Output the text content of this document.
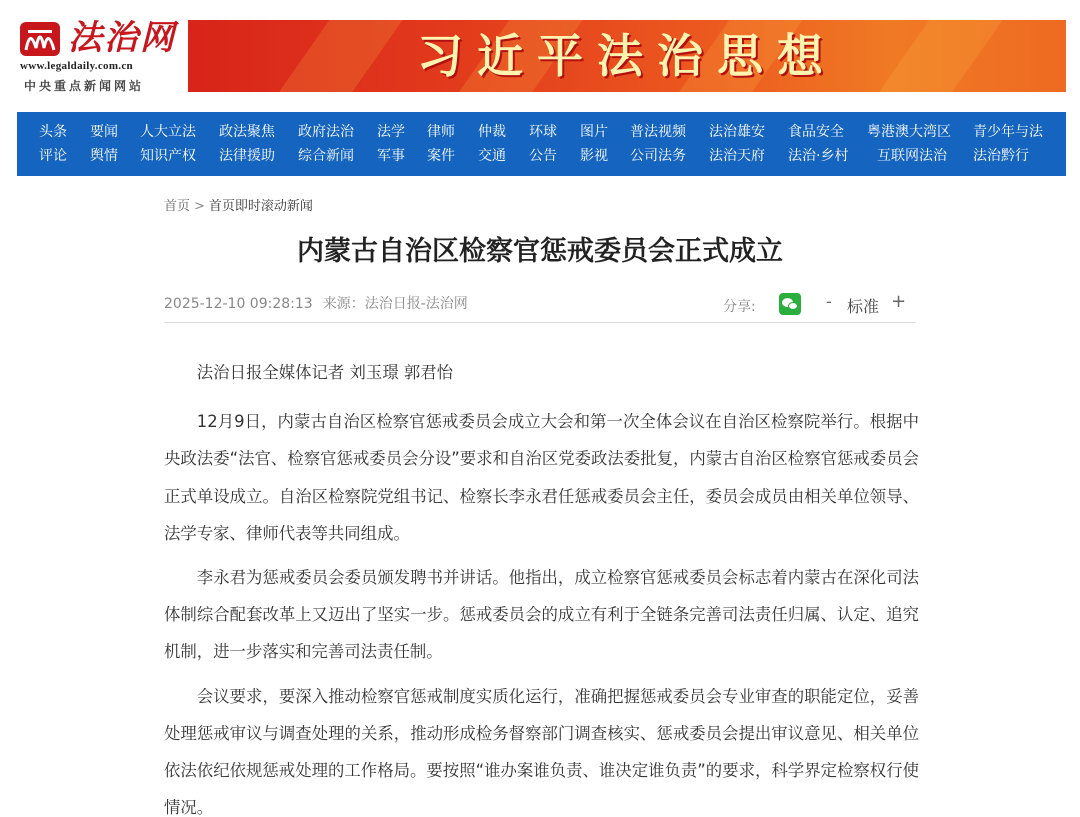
法治网
www.legaldaily.com.cn
中央重点新闻网站
习近平法治思想
头条 要闻 人大立法 政法聚焦 政府法治 法学 律师 仲裁 环球 图片 普法视频 法治雄安 食品安全 粤港澳大湾区 青少年与法
评论 舆情 知识产权 法律援助 综合新闻 军事 案件 交通 公告 影视 公司法务 法治天府 法治·乡村 互联网法治 法治黔行
首页 > 首页即时滚动新闻
内蒙古自治区检察官惩戒委员会正式成立
2025-12-10 09:28:13 来源：法治日报-法治网	分享:	- 标准 +

法治日报全媒体记者 刘玉璟 郭君怡

12月9日，内蒙古自治区检察官惩戒委员会成立大会和第一次全体会议在自治区检察院举行。根据中央政法委“法官、检察官惩戒委员会分设”要求和自治区党委政法委批复，内蒙古自治区检察官惩戒委员会正式单设成立。自治区检察院党组书记、检察长李永君任惩戒委员会主任，委员会成员由相关单位领导、法学专家、律师代表等共同组成。

李永君为惩戒委员会委员颁发聘书并讲话。他指出，成立检察官惩戒委员会标志着内蒙古在深化司法体制综合配套改革上又迈出了坚实一步。惩戒委员会的成立有利于全链条完善司法责任归属、认定、追究机制，进一步落实和完善司法责任制。

会议要求，要深入推动检察官惩戒制度实质化运行，准确把握惩戒委员会专业审查的职能定位，妥善处理惩戒审议与调查处理的关系，推动形成检务督察部门调查核实、惩戒委员会提出审议意见、相关单位依法依纪依规惩戒处理的工作格局。要按照“谁办案谁负责、谁决定谁负责”的要求，科学界定检察权行使情况。
